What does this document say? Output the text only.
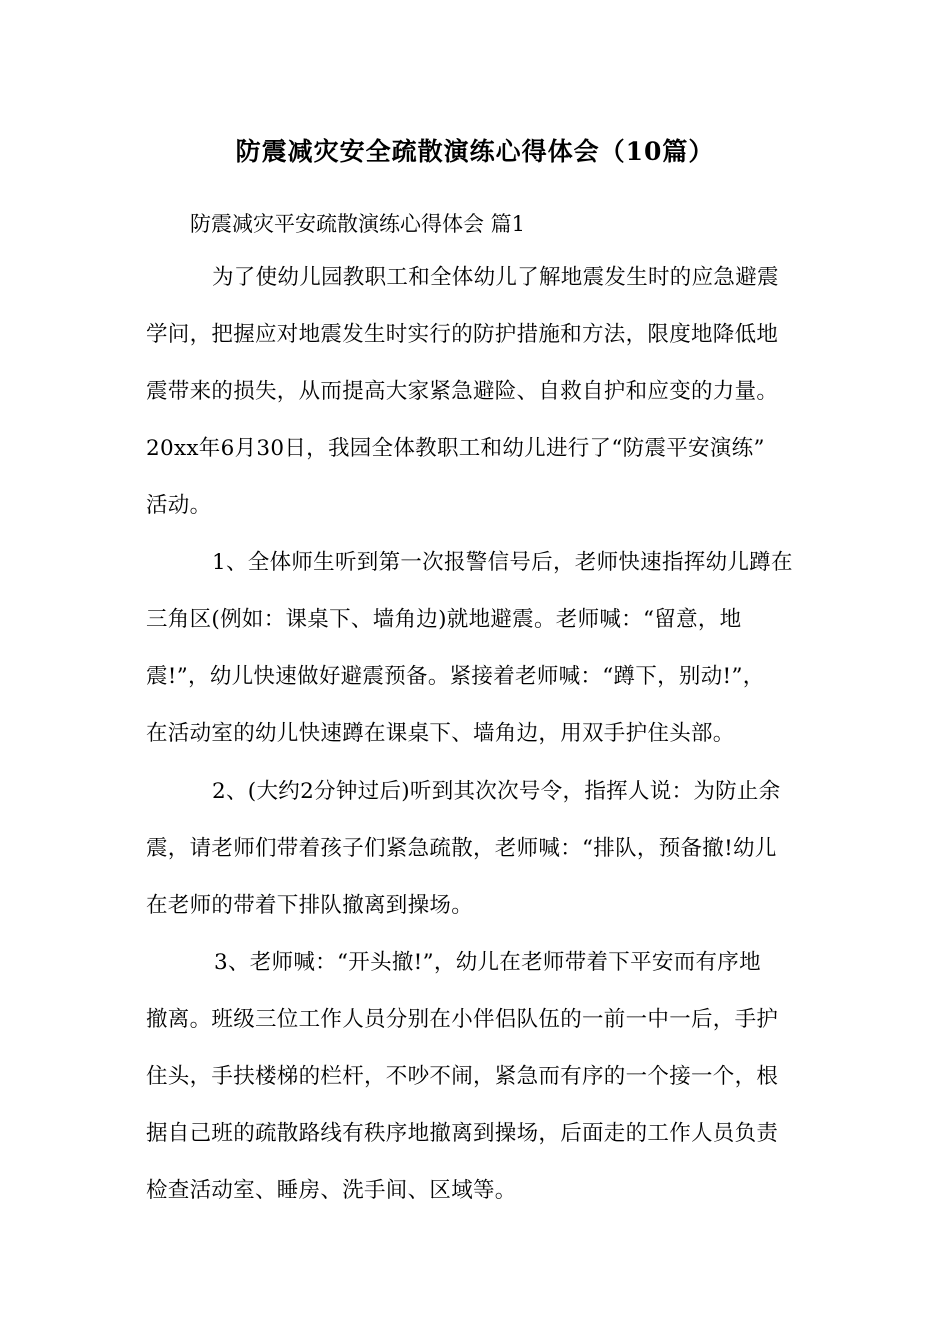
防震减灾安全疏散演练心得体会（10篇）
防震减灾平安疏散演练心得体会 篇1
为了使幼儿园教职工和全体幼儿了解地震发生时的应急避震
学问，把握应对地震发生时实行的防护措施和方法，限度地降低地
震带来的损失，从而提高大家紧急避险、自救自护和应变的力量。
20xx年6月30日，我园全体教职工和幼儿进行了“防震平安演练”
活动。
1、全体师生听到第一次报警信号后，老师快速指挥幼儿蹲在
三角区(例如：课桌下、墙角边)就地避震。老师喊：“留意，地
震!”，幼儿快速做好避震预备。紧接着老师喊：“蹲下，别动!”，
在活动室的幼儿快速蹲在课桌下、墙角边，用双手护住头部。
2、(大约2分钟过后)听到其次次号令，指挥人说：为防止余
震，请老师们带着孩子们紧急疏散，老师喊：“排队，预备撤!幼儿
在老师的带着下排队撤离到操场。
3、老师喊：“开头撤!”，幼儿在老师带着下平安而有序地
撤离。班级三位工作人员分别在小伴侣队伍的一前一中一后，手护
住头，手扶楼梯的栏杆，不吵不闹，紧急而有序的一个接一个，根
据自己班的疏散路线有秩序地撤离到操场，后面走的工作人员负责
检查活动室、睡房、洗手间、区域等。
